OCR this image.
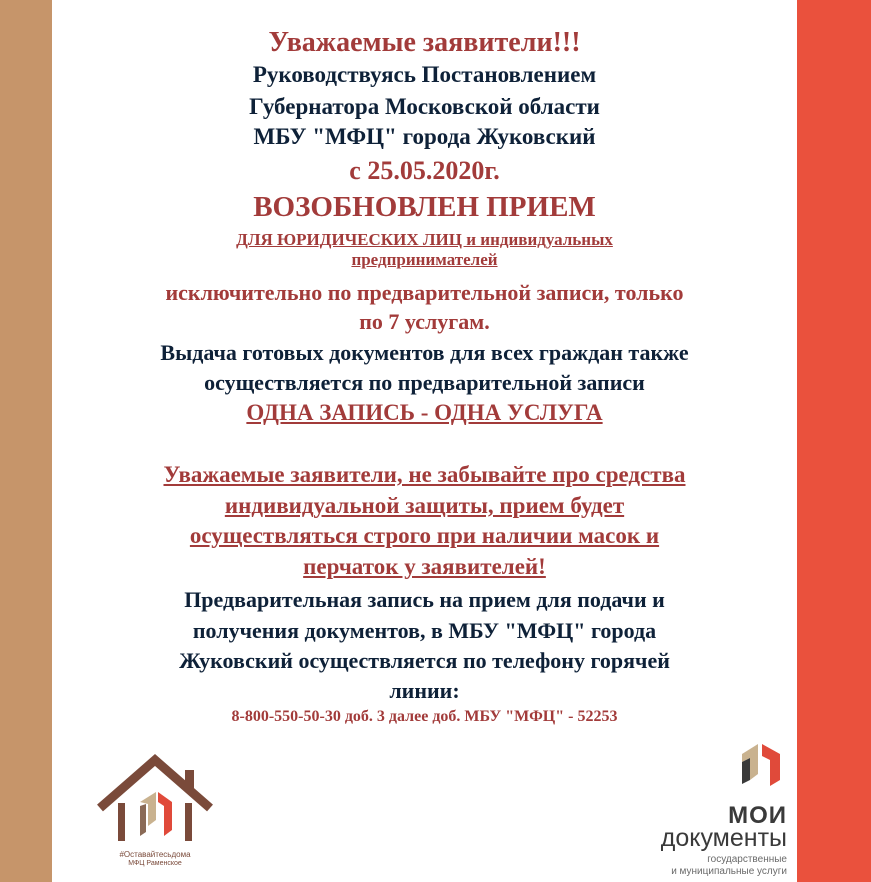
Уважаемые заявители!!!
Руководствуясь Постановлением
Губернатора Московской области
МБУ "МФЦ" города Жуковский
с 25.05.2020г.
ВОЗОБНОВЛЕН ПРИЕМ
ДЛЯ ЮРИДИЧЕСКИХ ЛИЦ и индивидуальных
предпринимателей
исключительно по предварительной записи, только
по 7 услугам.
Выдача готовых документов для всех граждан также
осуществляется по предварительной записи
ОДНА ЗАПИСЬ - ОДНА УСЛУГА
Уважаемые заявители, не забывайте про средства
индивидуальной защиты, прием будет
осуществляться строго при наличии масок и
перчаток у заявителей!
Предварительная запись на прием для подачи и
получения документов, в МБУ "МФЦ" города
Жуковский осуществляется по телефону горячей
линии:
8-800-550-50-30 доб. 3 далее доб. МБУ "МФЦ" - 52253
#Оставайтесьдома
МФЦ Раменское
МОИ
документы
государственные
и муниципальные услуги
